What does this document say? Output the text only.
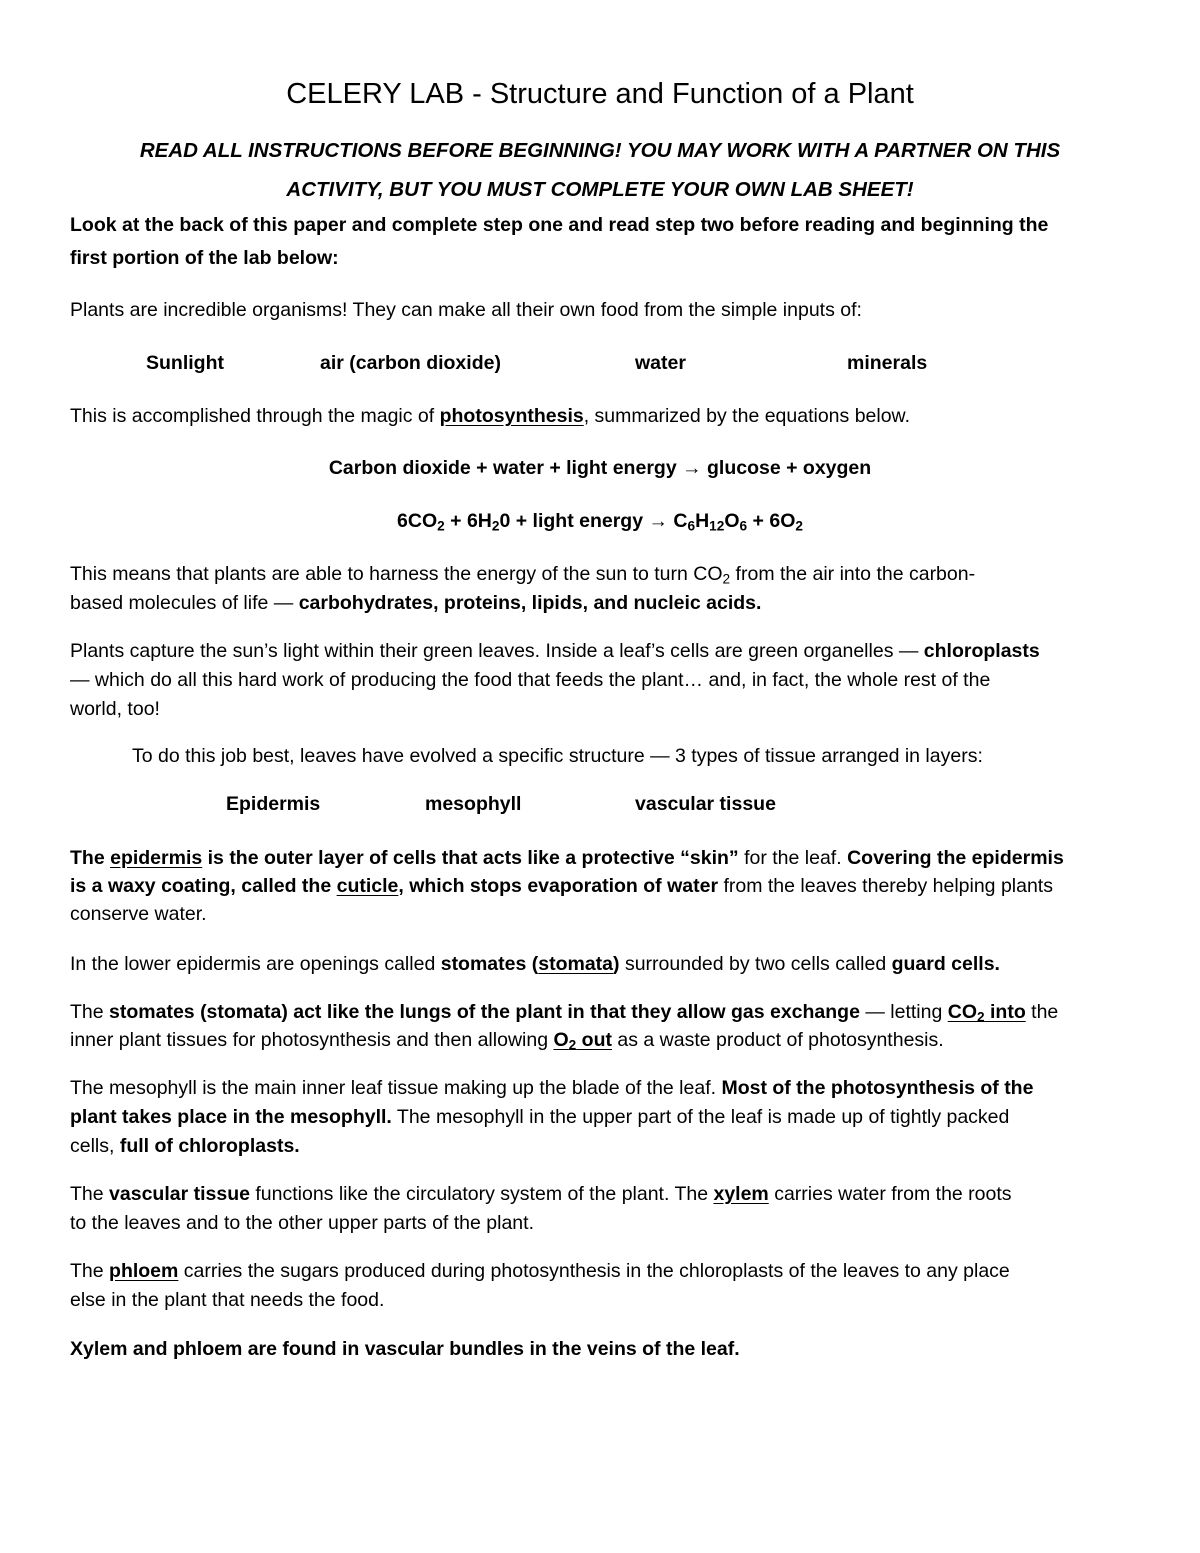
CELERY LAB - Structure and Function of a Plant

READ ALL INSTRUCTIONS BEFORE BEGINNING! YOU MAY WORK WITH A PARTNER ON THIS

ACTIVITY, BUT YOU MUST COMPLETE YOUR OWN LAB SHEET!

Look at the back of this paper and complete step one and read step two before reading and beginning the

first portion of the lab below:

Plants are incredible organisms! They can make all their own food from the simple inputs of:

Sunlight	air (carbon dioxide)	water	minerals

This is accomplished through the magic of photosynthesis, summarized by the equations below.

Carbon dioxide + water + light energy → glucose + oxygen

$6CO_2 + 6H_20$ + light energy → $C_6H_{12}O_6 + 6O_2$

This means that plants are able to harness the energy of the sun to turn $CO_2$ from the air into the carbon-

based molecules of life — carbohydrates, proteins, lipids, and nucleic acids.

Plants capture the sun’s light within their green leaves. Inside a leaf’s cells are green organelles — chloroplasts

— which do all this hard work of producing the food that feeds the plant… and, in fact, the whole rest of the

world, too!

To do this job best, leaves have evolved a specific structure — 3 types of tissue arranged in layers:

Epidermis	mesophyll	vascular tissue

The epidermis is the outer layer of cells that acts like a protective “skin” for the leaf. Covering the epidermis

is a waxy coating, called the cuticle, which stops evaporation of water from the leaves thereby helping plants

conserve water.

In the lower epidermis are openings called stomates (stomata) surrounded by two cells called guard cells.

The stomates (stomata) act like the lungs of the plant in that they allow gas exchange — letting $CO_2$ into the

inner plant tissues for photosynthesis and then allowing $O_2$ out as a waste product of photosynthesis.

The mesophyll is the main inner leaf tissue making up the blade of the leaf. Most of the photosynthesis of the

plant takes place in the mesophyll. The mesophyll in the upper part of the leaf is made up of tightly packed

cells, full of chloroplasts.

The vascular tissue functions like the circulatory system of the plant. The xylem carries water from the roots

to the leaves and to the other upper parts of the plant.

The phloem carries the sugars produced during photosynthesis in the chloroplasts of the leaves to any place

else in the plant that needs the food.

Xylem and phloem are found in vascular bundles in the veins of the leaf.
